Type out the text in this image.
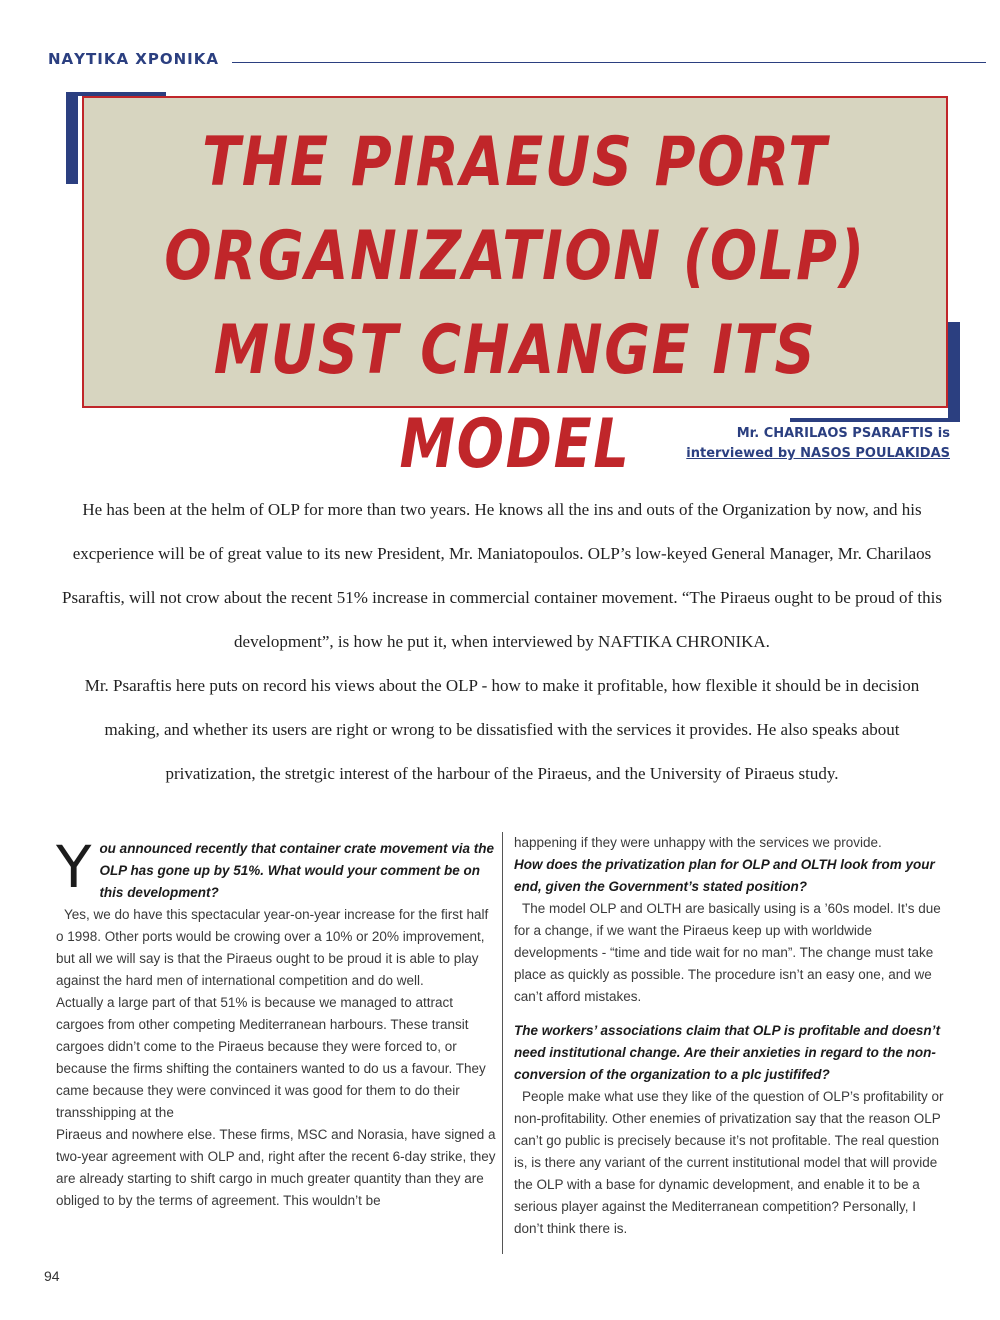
ΝΑΥΤΙΚΑ ΧΡΟΝΙΚΑ
THE PIRAEUS PORT
ORGANIZATION (OLP)
MUST CHANGE ITS MODEL	Mr. CHARILAOS PSARAFTIS is
interviewed by NASOS POULAKIDAS

He has been at the helm of OLP for more than two years. He knows all the ins and outs of the Organization by now, and his excperience will be of great value to its new President, Mr. Maniatopoulos. OLP’s low-keyed General Manager, Mr. Charilaos Psaraftis, will not crow about the recent 51% increase in commercial container movement. “The Piraeus ought to be proud of this development”, is how he put it, when interviewed by NAFTIKA CHRONIKA.

Mr. Psaraftis here puts on record his views about the OLP - how to make it profitable, how flexible it should be in decision making, and whether its users are right or wrong to be dissatisfied with the services it provides. He also speaks about privatization, the stretgic interest of the harbour of the Piraeus, and the University of Piraeus study.

Y ou announced recently that container crate movement via the OLP has gone up by 51%. What would your comment be on this development?

Yes, we do have this spectacular year-on-year increase for the first half o 1998. Other ports would be crowing over a 10% or 20% improvement, but all we will say is that the Piraeus ought to be proud it is able to play against the hard men of international competition and do well.

Actually a large part of that 51% is because we managed to attract cargoes from other competing Mediterranean harbours. These transit cargoes didn’t come to the Piraeus because they were forced to, or because the firms shifting the containers wanted to do us a favour. They came because they were convinced it was good for them to do their transshipping at the

Piraeus and nowhere else. These firms, MSC and Norasia, have signed a two-year agreement with OLP and, right after the recent 6-day strike, they are already starting to shift cargo in much greater quantity than they are obliged to by the terms of agreement. This wouldn’t be

happening if they were unhappy with the services we provide.

How does the privatization plan for OLP and OLTH look from your end, given the Government’s stated position?

The model OLP and OLTH are basically using is a ’60s model. It’s due for a change, if we want the Piraeus keep up with worldwide developments - “time and tide wait for no man”. The change must take place as quickly as possible. The procedure isn’t an easy one, and we can’t afford mistakes.

The workers’ associations claim that OLP is profitable and doesn’t need institutional change. Are their anxieties in regard to the non-conversion of the organization to a plc justififed?

People make what use they like of the question of OLP’s profitability or non-profitability. Other enemies of privatization say that the reason OLP can’t go public is precisely because it’s not profitable. The real question is, is there any variant of the current institutional model that will provide the OLP with a base for dynamic development, and enable it to be a serious player against the Mediterranean competition? Personally, I don’t think there is.

94
